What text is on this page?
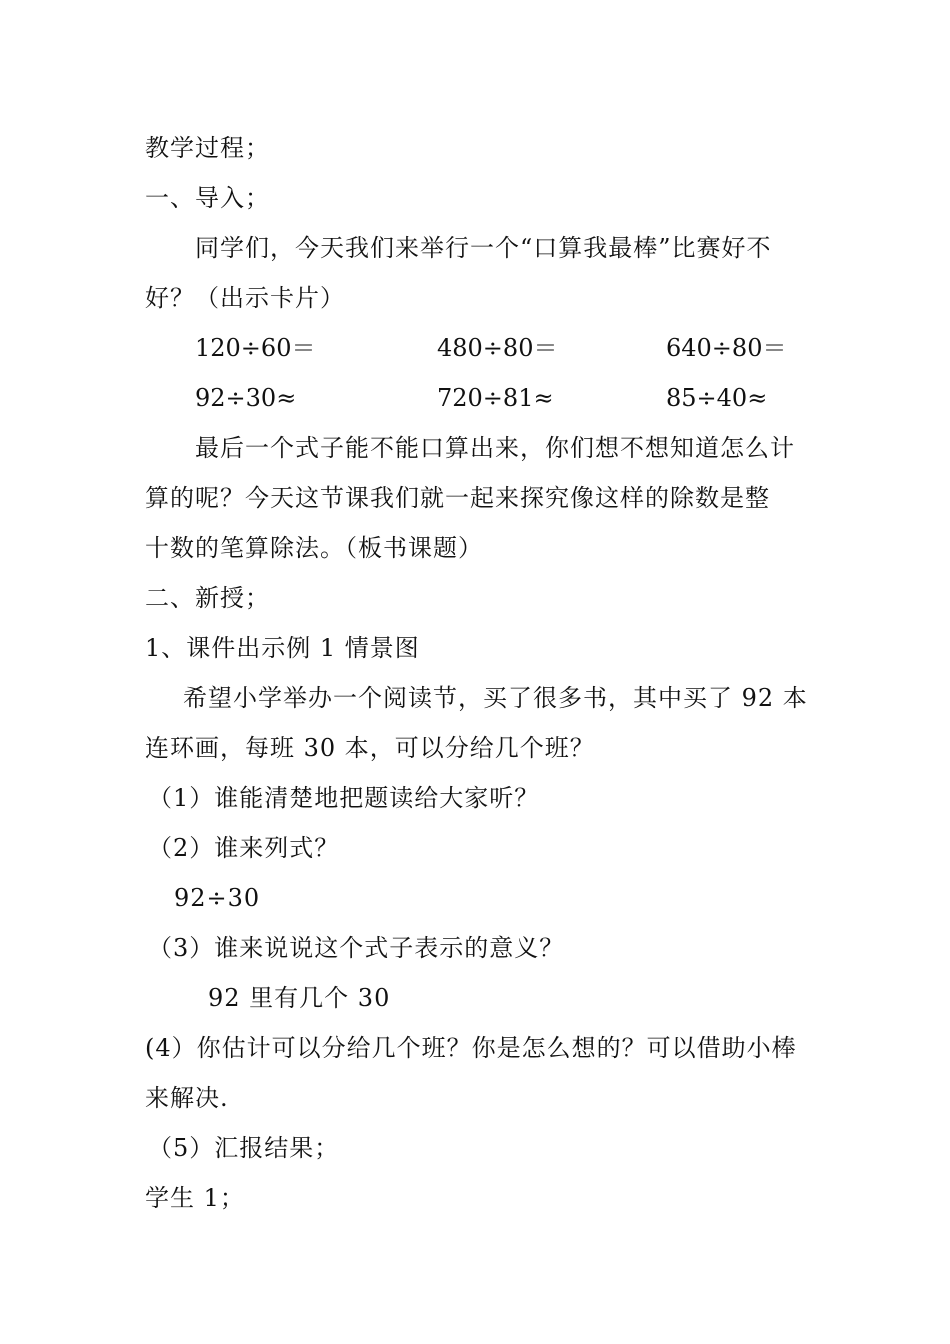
教学过程；
一、导入；
同学们，今天我们来举行一个“口算我最棒”比赛好不
好？（出示卡片）
120÷60＝	480÷80＝	640÷80＝
92÷30≈	720÷81≈	85÷40≈
最后一个式子能不能口算出来，你们想不想知道怎么计
算的呢？今天这节课我们就一起来探究像这样的除数是整
十数的笔算除法。（板书课题）
二、新授；
1、课件出示例 1 情景图
希望小学举办一个阅读节，买了很多书，其中买了 92 本
连环画，每班 30 本，可以分给几个班？
（1）谁能清楚地把题读给大家听？
（2）谁来列式？
92÷30
（3）谁来说说这个式子表示的意义？
92 里有几个 30
(4）你估计可以分给几个班？你是怎么想的？可以借助小棒
来解决.
（5）汇报结果；
学生 1；
